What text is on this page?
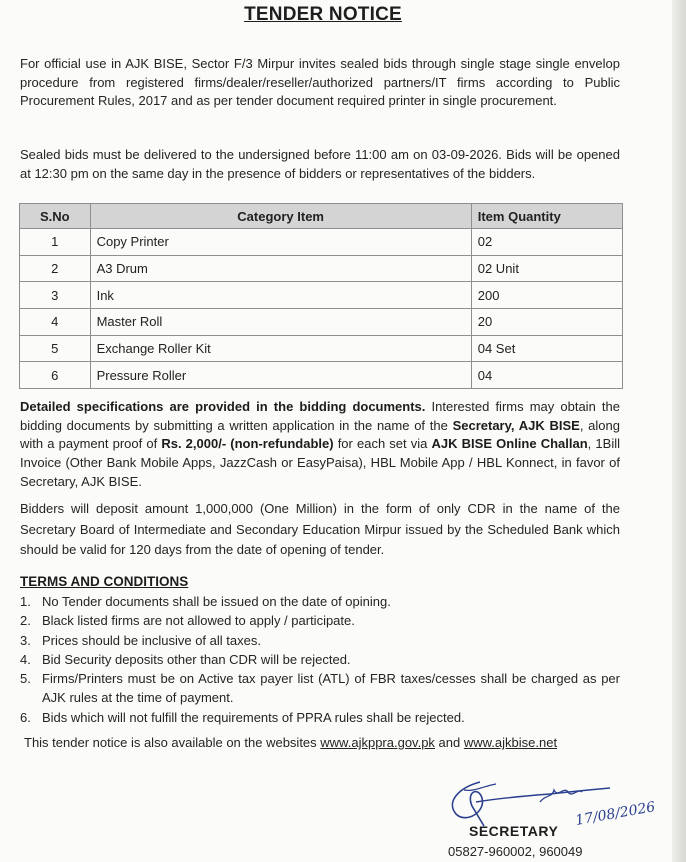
TENDER NOTICE
For official use in AJK BISE, Sector F/3 Mirpur invites sealed bids through single stage single envelop procedure from registered firms/dealer/reseller/authorized partners/IT firms according to Public Procurement Rules, 2017 and as per tender document required printer in single procurement.
Sealed bids must be delivered to the undersigned before 11:00 am on 03-09-2026. Bids will be opened at 12:30 pm on the same day in the presence of bidders or representatives of the bidders.
S.No	Category Item	Item Quantity
1	Copy Printer	02
2	A3 Drum	02 Unit
3	Ink	200
4	Master Roll	20
5	Exchange Roller Kit	04 Set
6	Pressure Roller	04
Detailed specifications are provided in the bidding documents. Interested firms may obtain the bidding documents by submitting a written application in the name of the Secretary, AJK BISE, along with a payment proof of Rs. 2,000/- (non-refundable) for each set via AJK BISE Online Challan, 1Bill Invoice (Other Bank Mobile Apps, JazzCash or EasyPaisa), HBL Mobile App / HBL Konnect, in favor of Secretary, AJK BISE.
Bidders will deposit amount 1,000,000 (One Million) in the form of only CDR in the name of the Secretary Board of Intermediate and Secondary Education Mirpur issued by the Scheduled Bank which should be valid for 120 days from the date of opening of tender.
TERMS AND CONDITIONS
1. No Tender documents shall be issued on the date of opining.
2. Black listed firms are not allowed to apply / participate.
3. Prices should be inclusive of all taxes.
4. Bid Security deposits other than CDR will be rejected.
5. Firms/Printers must be on Active tax payer list (ATL) of FBR taxes/cesses shall be charged as per AJK rules at the time of payment.
6. Bids which will not fulfill the requirements of PPRA rules shall be rejected.
This tender notice is also available on the websites www.ajkppra.gov.pk and www.ajkbise.net
17/08/2026
SECRETARY
05827-960002, 960049
